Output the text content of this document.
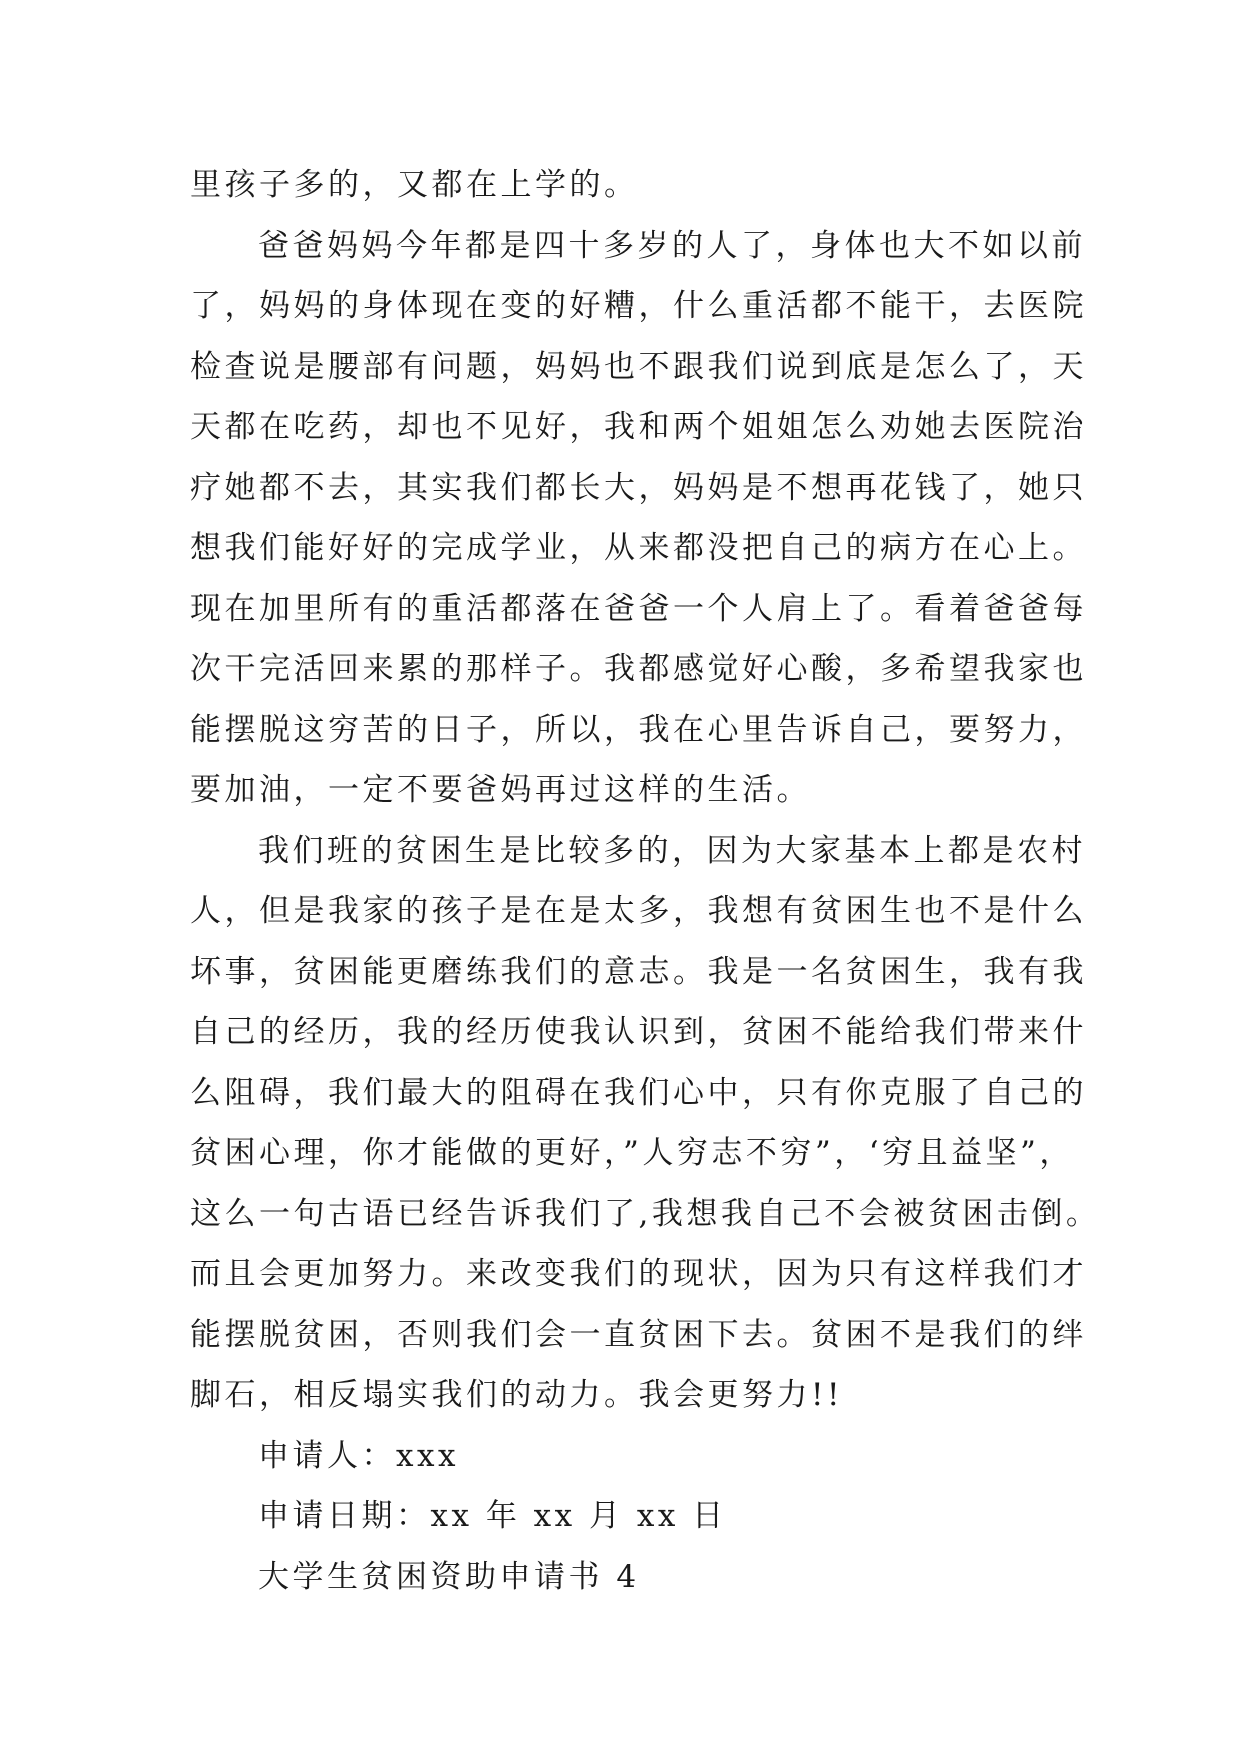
里孩子多的，又都在上学的。

爸爸妈妈今年都是四十多岁的人了，身体也大不如以前
了，妈妈的身体现在变的好糟，什么重活都不能干，去医院
检查说是腰部有问题，妈妈也不跟我们说到底是怎么了，天
天都在吃药，却也不见好，我和两个姐姐怎么劝她去医院治
疗她都不去，其实我们都长大，妈妈是不想再花钱了，她只
想我们能好好的完成学业，从来都没把自己的病方在心上。
现在加里所有的重活都落在爸爸一个人肩上了。看着爸爸每
次干完活回来累的那样子。我都感觉好心酸，多希望我家也
能摆脱这穷苦的日子，所以，我在心里告诉自己，要努力，
要加油，一定不要爸妈再过这样的生活。

我们班的贫困生是比较多的，因为大家基本上都是农村
人，但是我家的孩子是在是太多，我想有贫困生也不是什么
坏事，贫困能更磨练我们的意志。我是一名贫困生，我有我
自己的经历，我的经历使我认识到，贫困不能给我们带来什
么阻碍，我们最大的阻碍在我们心中，只有你克服了自己的
贫困心理，你才能做的更好，”人穷志不穷”，‘穷且益坚”，
这么一句古语已经告诉我们了,我想我自己不会被贫困击倒。
而且会更加努力。来改变我们的现状，因为只有这样我们才
能摆脱贫困，否则我们会一直贫困下去。贫困不是我们的绊
脚石，相反塌实我们的动力。我会更努力!!

申请人：xxx

申请日期：xx 年 xx 月 xx 日

大学生贫困资助申请书 4
